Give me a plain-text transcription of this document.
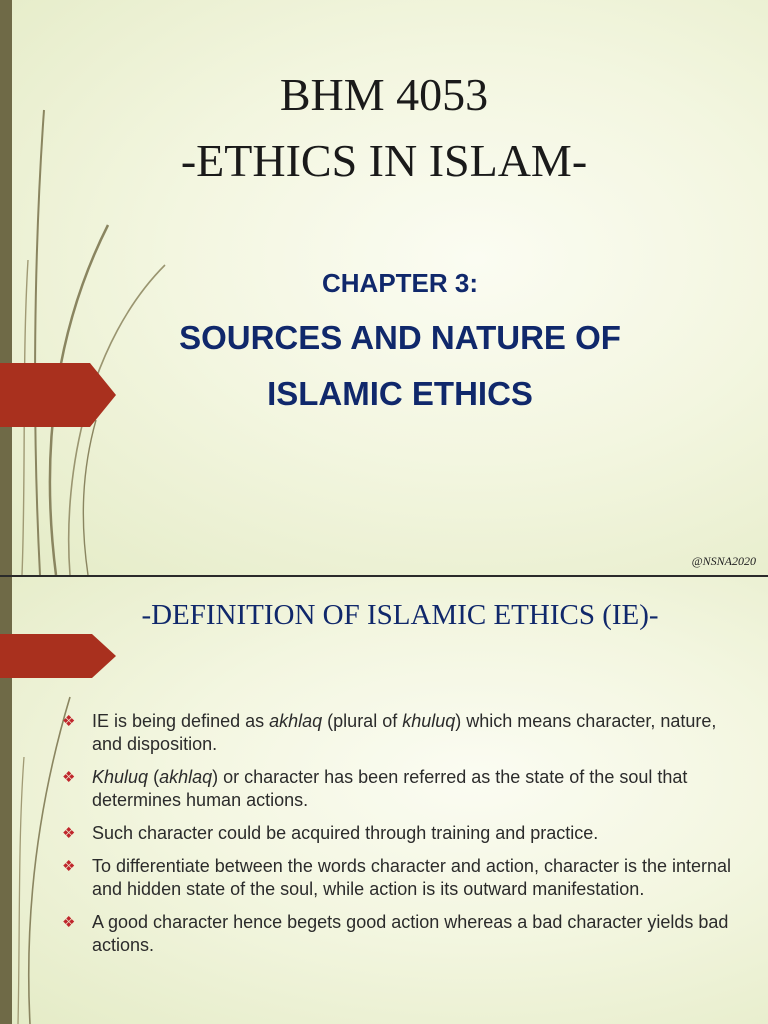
BHM 4053
-ETHICS IN ISLAM-
CHAPTER 3:
SOURCES AND NATURE OF
ISLAMIC ETHICS
@NSNA2020
-DEFINITION OF ISLAMIC ETHICS (IE)-
❖ IE is being defined as akhlaq (plural of khuluq) which means character, nature, and disposition.
❖ Khuluq (akhlaq) or character has been referred as the state of the soul that determines human actions.
❖ Such character could be acquired through training and practice.
❖ To differentiate between the words character and action, character is the internal and hidden state of the soul, while action is its outward manifestation.
❖ A good character hence begets good action whereas a bad character yields bad actions.
